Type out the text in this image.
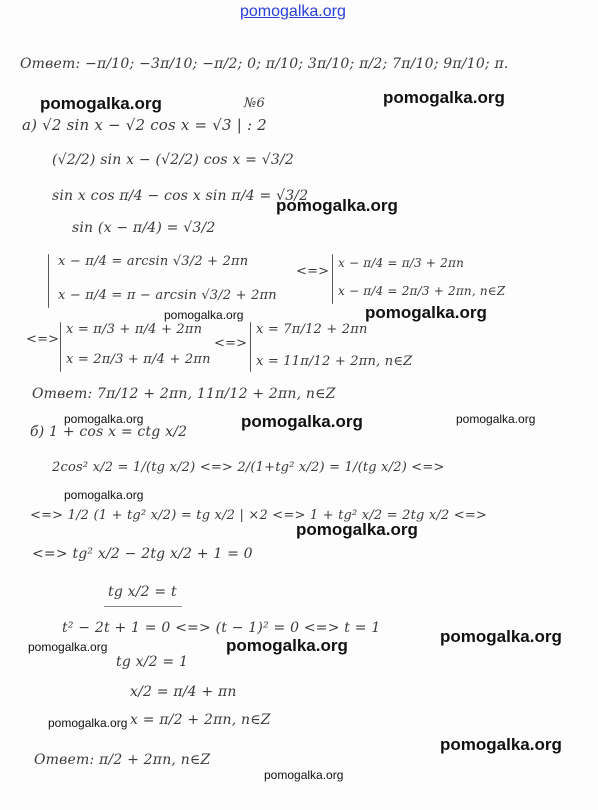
pomogalka.org
Ответ: −π/10; −3π/10; −π/2; 0; π/10; 3π/10; π/2; 7π/10; 9π/10; π.
№6
а) √2 sin x − √2 cos x = √3 | : 2
(√2/2) sin x − (√2/2) cos x = √3/2
sin x cos π/4 − cos x sin π/4 = √3/2
sin (x − π/4) = √3/2
x − π/4 = arcsin √3/2 + 2πn
x − π/4 = π − arcsin √3/2 + 2πn
<=>
x − π/4 = π/3 + 2πn
x − π/4 = 2π/3 + 2πn, n∈Z
<=>
x = π/3 + π/4 + 2πn
x = 2π/3 + π/4 + 2πn
<=>
x = 7π/12 + 2πn
x = 11π/12 + 2πn, n∈Z
Ответ: 7π/12 + 2πn, 11π/12 + 2πn, n∈Z
б) 1 + cos x = ctg x/2
2cos² x/2 = 1/(tg x/2) <=> 2/(1+tg² x/2) = 1/(tg x/2) <=>
<=> 1/2 (1 + tg² x/2) = tg x/2 | ×2 <=> 1 + tg² x/2 = 2tg x/2 <=>
<=> tg² x/2 − 2tg x/2 + 1 = 0
tg x/2 = t
t² − 2t + 1 = 0 <=> (t − 1)² = 0 <=> t = 1
tg x/2 = 1
x/2 = π/4 + πn
x = π/2 + 2πn, n∈Z
Ответ: π/2 + 2πn, n∈Z
pomogalka.org	pomogalka.org
pomogalka.org
pomogalka.org	pomogalka.org
pomogalka.org	pomogalka.org	pomogalka.org
pomogalka.org
pomogalka.org
pomogalka.org
pomogalka.org	pomogalka.org
pomogalka.org
pomogalka.org
pomogalka.org
